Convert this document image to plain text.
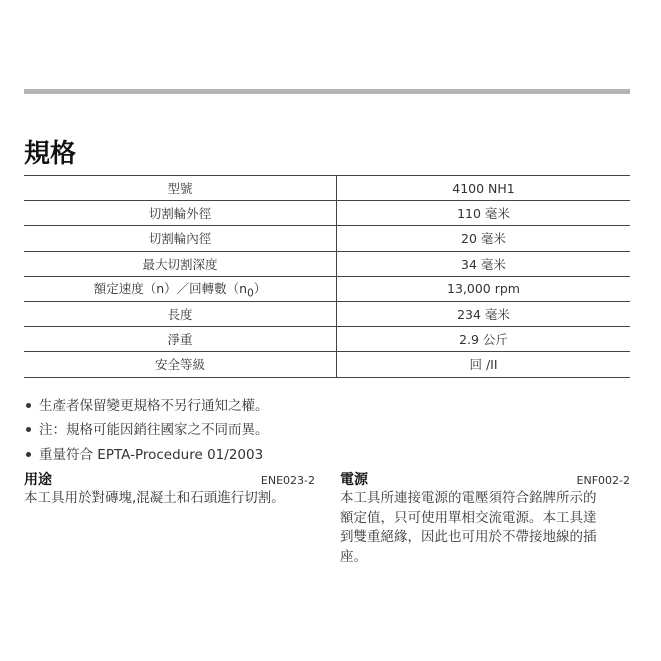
規格
型號	4100 NH1
切割輪外徑	110 毫米
切割輪內徑	20 毫米
最大切割深度	34 毫米
額定速度（n）／回轉數$(n_0)$	13,000 rpm
長度	234 毫米
淨重	2.9 公斤
安全等級	回 /II
生產者保留變更規格不另行通知之權。
注：規格可能因銷往國家之不同而異。
重量符合 EPTA-Procedure 01/2003
用途	ENE023-2
本工具用於對磚塊,混凝土和石頭進行切割。
電源	ENF002-2
本工具所連接電源的電壓須符合銘牌所示的
額定值，只可使用單相交流電源。本工具達
到雙重絕緣，因此也可用於不帶接地線的插
座。
